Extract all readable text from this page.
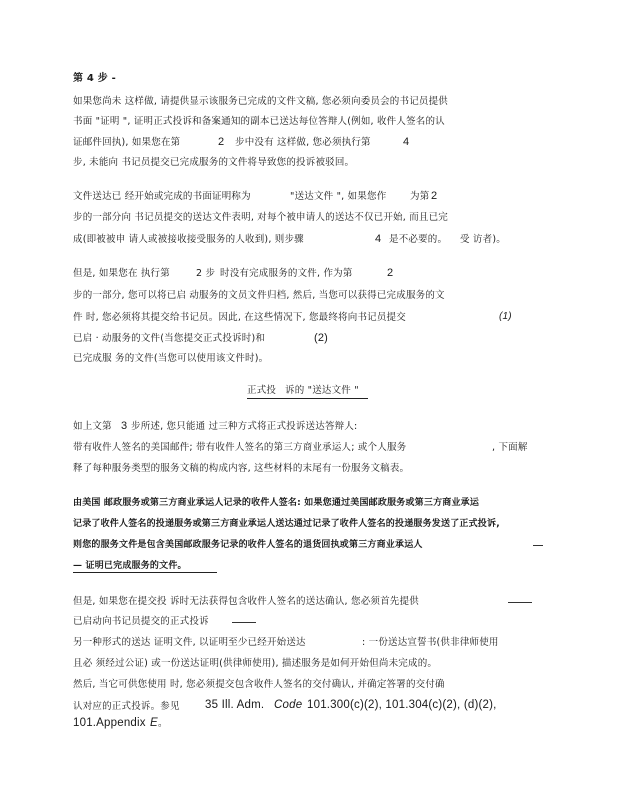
第 4 步 -
如果您尚未 这样做, 请提供显示该服务已完成的文件文稿, 您必须向委员会的书记员提供
书面 "证明 ", 证明正式投诉和备案通知的副本已送达每位答辩人(例如, 收件人签名的认
证邮件回执), 如果您在第	2 步中没有 这样做, 您必须执行第	4
步, 未能向 书记员提交已完成服务的文件将导致您的投诉被驳回。
文件送达已 经开始或完成的书面证明称为	"送达文件 ", 如果您作 为第 2
步的一部分向 书记员提交的送达文件表明, 对每个被申请人的送达不仅已开始, 而且已完
成(即被被申 请人或被接收接受服务的人收到), 则步骤	4 是不必要的。 受 访者)。
但是, 如果您在 执行第	2 步 时没有完成服务的文件, 作为第	2
步的一部分, 您可以将已启 动服务的文员文件归档, 然后, 当您可以获得已完成服务的文
件 时, 您必须将其提交给书记员。因此, 在这些情况下, 您最终将向书记员提交	(1)
已启 · 动服务的文件(当您提交正式投诉时)和	(2)
已完成服 务的文件(当您可以使用该文件时)。
正式投 诉的 "送达文件 "
如上文第 3 步所述, 您只能通 过三种方式将正式投诉送达答辩人:
带有收件人签名的美国邮件; 带有收件人签名的第三方商业承运人; 或个人服务	, 下面解
释了每种服务类型的服务文稿的构成内容, 这些材料的末尾有一份服务文稿表。
由美国 邮政服务或第三方商业承运人记录的收件人签名: 如果您通过美国邮政服务或第三方商业承运
记录了收件人签名的投递服务或第三方商业承运人送达通过记录了收件人签名的投递服务发送了正式投诉,
则您的服务文件是包含美国邮政服务记录的收件人签名的退货回执或第三方商业承运人
— 证明已完成服务的文件。
但是, 如果您在提交投 诉时无法获得包含收件人签名的送达确认, 您必须首先提供
已启动向书记员提交的正式投诉
另一种形式的送达 证明文件, 以证明至少已经开始送达	: 一份送达宣誓书(供非律师使用
且必 须经过公证) 或一份送达证明(供律师使用), 描述服务是如何开始但尚未完成的。
然后, 当它可供您使用 时, 您必须提交包含收件人签名的交付确认, 并确定答署的交付确
认对应的正式投诉。参见 35 Ill. Adm. Code 101.300(c)(2), 101.304(c)(2), (d)(2),
101.Appendix E 。
